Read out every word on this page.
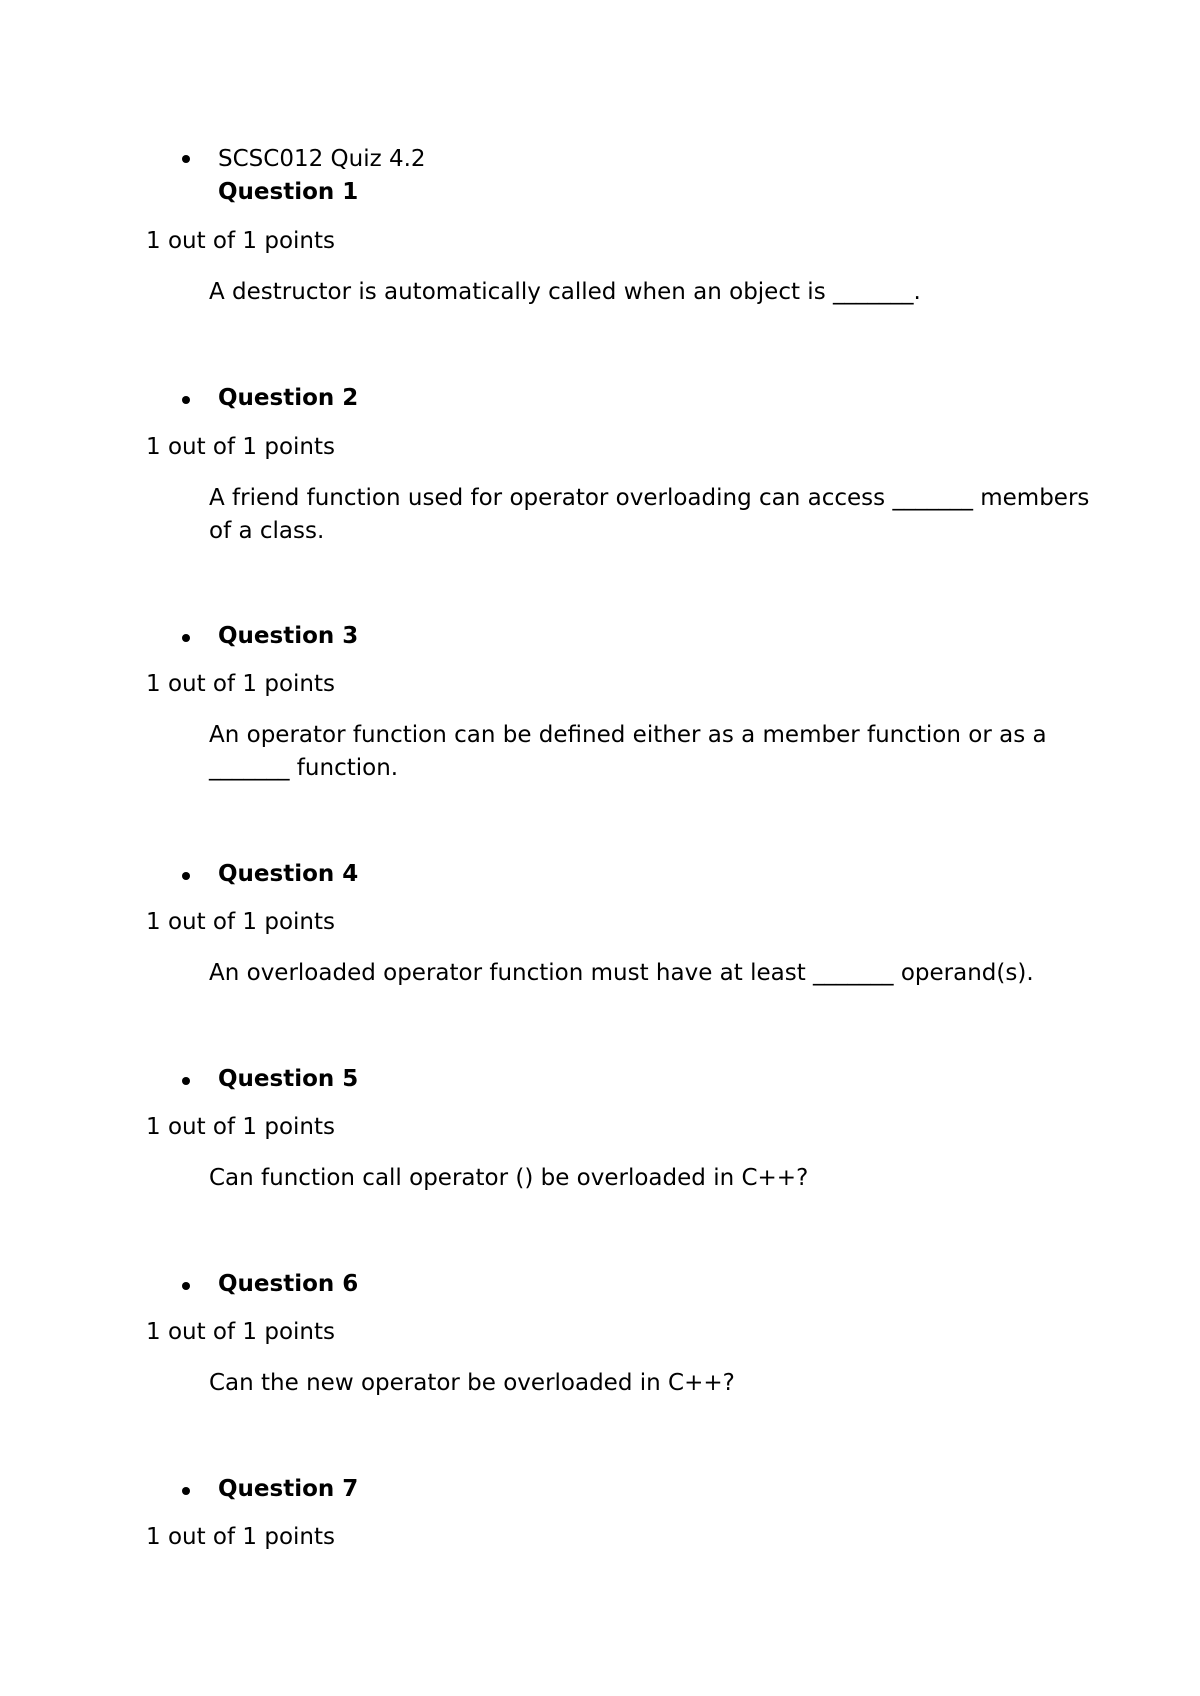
SCSC012 Quiz 4.2
Question 1
1 out of 1 points
A destructor is automatically called when an object is _______.
Question 2
1 out of 1 points
A friend function used for operator overloading can access _______ members of a class.
Question 3
1 out of 1 points
An operator function can be defined either as a member function or as a _______ function.
Question 4
1 out of 1 points
An overloaded operator function must have at least _______ operand(s).
Question 5
1 out of 1 points
Can function call operator () be overloaded in C++?
Question 6
1 out of 1 points
Can the new operator be overloaded in C++?
Question 7
1 out of 1 points
